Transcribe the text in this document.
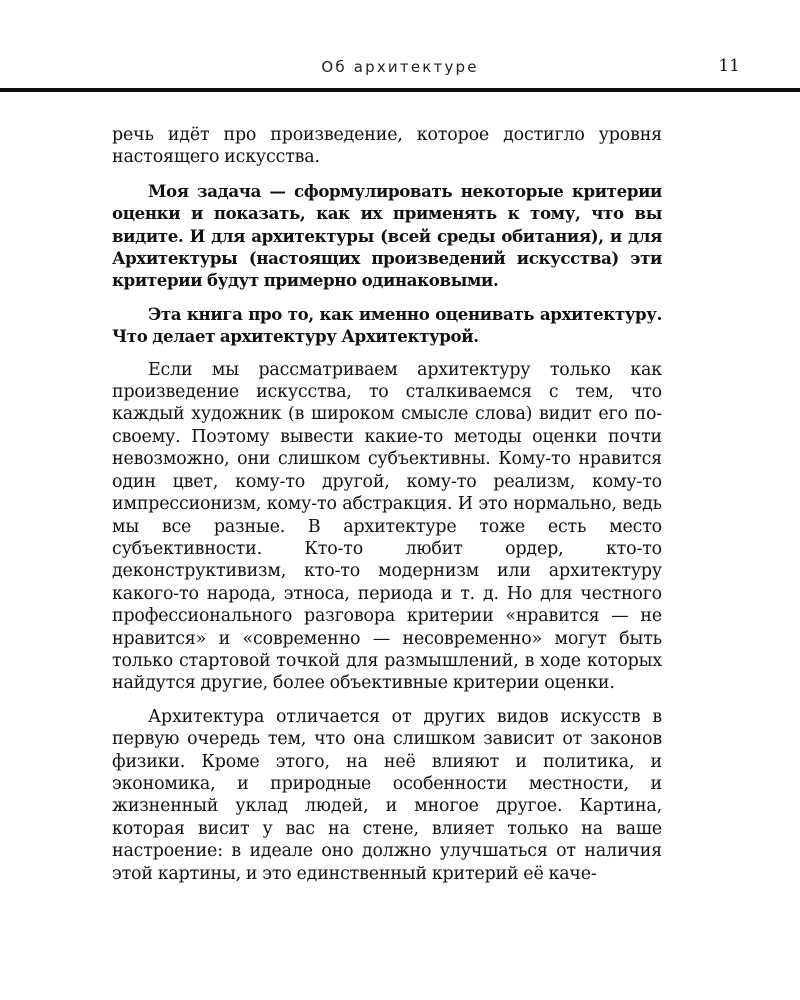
Об архитектуре	11

речь идёт про произведение, которое достигло уровня настоящего искусства.

Моя задача — сформулировать некоторые критерии оценки и показать, как их применять к тому, что вы видите. И для архитектуры (всей среды обитания), и для Архитектуры (настоящих произведений искусства) эти критерии будут примерно одинаковыми.

Эта книга про то, как именно оценивать архитектуру. Что делает архитектуру Архитектурой.

Если мы рассматриваем архитектуру только как произведение искусства, то сталкиваемся с тем, что каждый художник (в широком смысле слова) видит его по-своему. Поэтому вывести какие-то методы оценки почти невозможно, они слишком субъективны. Кому-то нравится один цвет, кому-то другой, кому-то реализм, кому-то импрессионизм, кому-то абстракция. И это нормально, ведь мы все разные. В архитектуре тоже есть место субъективности. Кто-то любит ордер, кто-то деконструктивизм, кто-то модернизм или архитектуру какого-то народа, этноса, периода и т. д. Но для честного профессионального разговора критерии «нравится — не нравится» и «современно — несовременно» могут быть только стартовой точкой для размышлений, в ходе которых найдутся другие, более объективные критерии оценки.

Архитектура отличается от других видов искусств в первую очередь тем, что она слишком зависит от законов физики. Кроме этого, на неё влияют и политика, и экономика, и природные особенности местности, и жизненный уклад людей, и многое другое. Картина, которая висит у вас на стене, влияет только на ваше настроение: в идеале оно должно улучшаться от наличия этой картины, и это единственный критерий её каче-
